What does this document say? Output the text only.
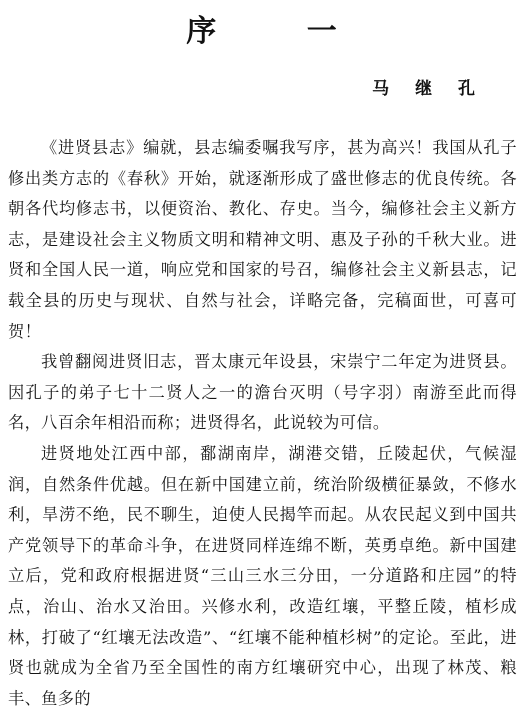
序 一
马 继 孔

《进贤县志》编就，县志编委嘱我写序，甚为高兴！我国从孔子修出类方志的《春秋》开始，就逐渐形成了盛世修志的优良传统。各朝各代均修志书，以便资治、教化、存史。当今，编修社会主义新方志，是建设社会主义物质文明和精神文明、惠及子孙的千秋大业。进贤和全国人民一道，响应党和国家的号召，编修社会主义新县志，记载全县的历史与现状、自然与社会，详略完备，完稿面世，可喜可贺！

我曾翻阅进贤旧志，晋太康元年设县，宋崇宁二年定为进贤县。因孔子的弟子七十二贤人之一的澹台灭明（号字羽）南游至此而得名，八百余年相沿而称；进贤得名，此说较为可信。

进贤地处江西中部，鄱湖南岸，湖港交错，丘陵起伏，气候湿润，自然条件优越。但在新中国建立前，统治阶级横征暴敛，不修水利，旱涝不绝，民不聊生，迫使人民揭竿而起。从农民起义到中国共产党领导下的革命斗争，在进贤同样连绵不断，英勇卓绝。新中国建立后，党和政府根据进贤“三山三水三分田，一分道路和庄园”的特点，治山、治水又治田。兴修水利，改造红壤，平整丘陵，植杉成林，打破了“红壤无法改造”、“红壤不能种植杉树”的定论。至此，进贤也就成为全省乃至全国性的南方红壤研究中心，出现了林茂、粮丰、鱼多的
